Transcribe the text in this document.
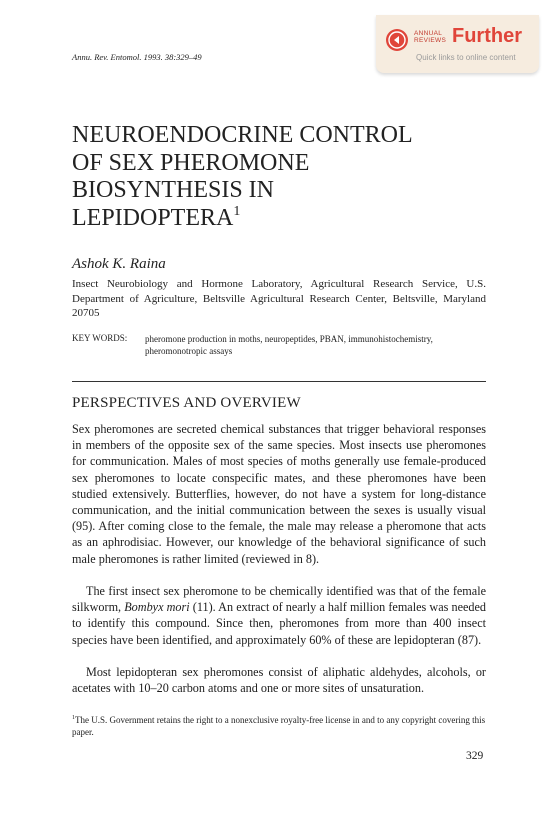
Annu. Rev. Entomol. 1993. 38:329–49
ANNUAL
REVIEWS Further
Quick links to online content
NEUROENDOCRINE CONTROL
OF SEX PHEROMONE
BIOSYNTHESIS IN
LEPIDOPTERA$^1$
Ashok K. Raina
Insect Neurobiology and Hormone Laboratory, Agricultural Research Service, U.S. Department of Agriculture, Beltsville Agricultural Research Center, Beltsville, Maryland 20705
KEY WORDS: pheromone production in moths, neuropeptides, PBAN, immunohistochemistry, pheromonotropic assays
PERSPECTIVES AND OVERVIEW

Sex pheromones are secreted chemical substances that trigger behavioral responses in members of the opposite sex of the same species. Most insects use pheromones for communication. Males of most species of moths generally use female-produced sex pheromones to locate conspecific mates, and these pheromones have been studied extensively. Butterflies, however, do not have a system for long-distance communication, and the initial communication between the sexes is usually visual (95). After coming close to the female, the male may release a pheromone that acts as an aphrodisiac. However, our knowledge of the behavioral significance of such male pheromones is rather limited (reviewed in 8).

The first insect sex pheromone to be chemically identified was that of the female silkworm, Bombyx mori (11). An extract of nearly a half million females was needed to identify this compound. Since then, pheromones from more than 400 insect species have been identified, and approximately 60% of these are lepidopteran (87).

Most lepidopteran sex pheromones consist of aliphatic aldehydes, alcohols, or acetates with 10–20 carbon atoms and one or more sites of unsaturation.

$^1$The U.S. Government retains the right to a nonexclusive royalty-free license in and to any copyright covering this paper.
329
